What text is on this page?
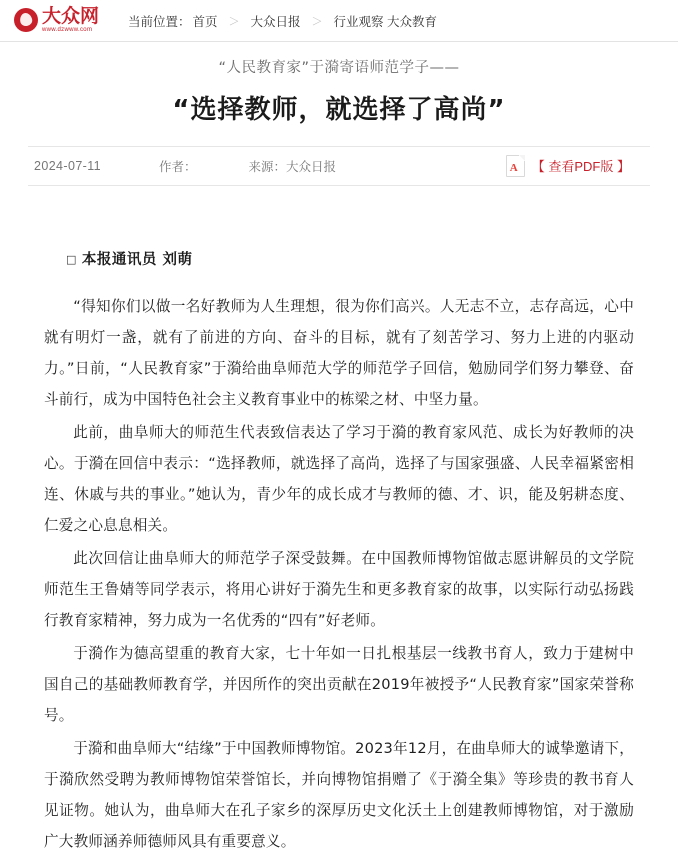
大众网
www.dzwww.com
当前位置： 首页 ＞ 大众日报 ＞ 行业观察 大众教育
“人民教育家”于漪寄语师范学子——
“选择教师，就选择了高尚”
2024-07-11	作者：	来源： 大众日报	A 【 查看PDF版 】
□ 本报通讯员 刘萌

“得知你们以做一名好教师为人生理想，很为你们高兴。人无志不立，志存高远，心中就有明灯一盏，就有了前进的方向、奋斗的目标，就有了刻苦学习、努力上进的内驱动力。”日前，“人民教育家”于漪给曲阜师范大学的师范学子回信，勉励同学们努力攀登、奋斗前行，成为中国特色社会主义教育事业中的栋梁之材、中坚力量。

此前，曲阜师大的师范生代表致信表达了学习于漪的教育家风范、成长为好教师的决心。于漪在回信中表示：“选择教师，就选择了高尚，选择了与国家强盛、人民幸福紧密相连、休戚与共的事业。”她认为，青少年的成长成才与教师的德、才、识，能及躬耕态度、仁爱之心息息相关。

此次回信让曲阜师大的师范学子深受鼓舞。在中国教师博物馆做志愿讲解员的文学院师范生王鲁婧等同学表示，将用心讲好于漪先生和更多教育家的故事，以实际行动弘扬践行教育家精神，努力成为一名优秀的“四有”好老师。

于漪作为德高望重的教育大家，七十年如一日扎根基层一线教书育人，致力于建树中国自己的基础教师教育学，并因所作的突出贡献在2019年被授予“人民教育家”国家荣誉称号。

于漪和曲阜师大“结缘”于中国教师博物馆。2023年12月，在曲阜师大的诚挚邀请下，于漪欣然受聘为教师博物馆荣誉馆长，并向博物馆捐赠了《于漪全集》等珍贵的教书育人见证物。她认为，曲阜师大在孔子家乡的深厚历史文化沃土上创建教师博物馆，对于激励广大教师涵养师德师风具有重要意义。
